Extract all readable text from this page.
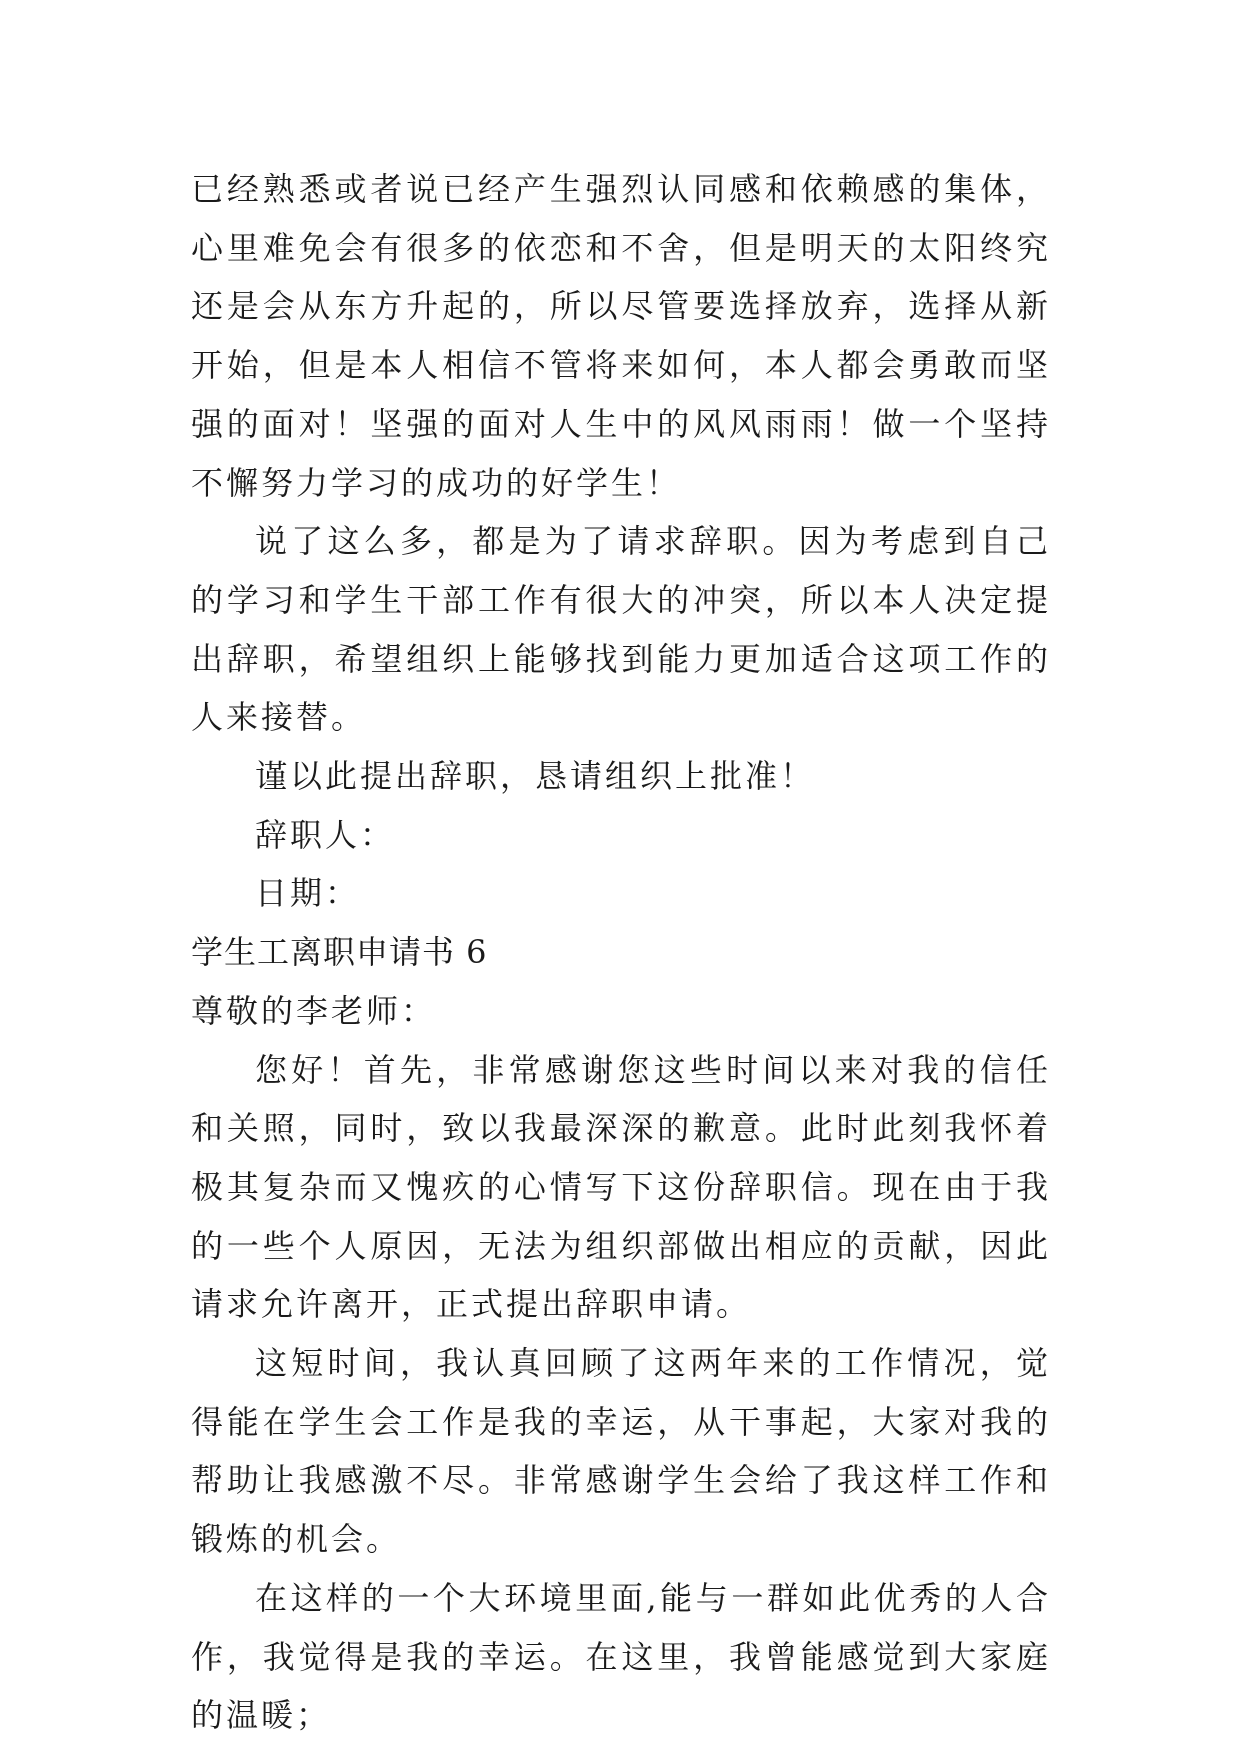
已经熟悉或者说已经产生强烈认同感和依赖感的集体，心里难免会有很多的依恋和不舍，但是明天的太阳终究还是会从东方升起的，所以尽管要选择放弃，选择从新开始，但是本人相信不管将来如何，本人都会勇敢而坚强的面对！坚强的面对人生中的风风雨雨！做一个坚持不懈努力学习的成功的好学生！

说了这么多，都是为了请求辞职。因为考虑到自己的学习和学生干部工作有很大的冲突，所以本人决定提出辞职，希望组织上能够找到能力更加适合这项工作的人来接替。

谨以此提出辞职，恳请组织上批准！

辞职人：

日期：

学生工离职申请书 6

尊敬的李老师：

您好！首先，非常感谢您这些时间以来对我的信任和关照，同时，致以我最深深的歉意。此时此刻我怀着极其复杂而又愧疚的心情写下这份辞职信。现在由于我的一些个人原因，无法为组织部做出相应的贡献，因此请求允许离开，正式提出辞职申请。

这短时间，我认真回顾了这两年来的工作情况，觉得能在学生会工作是我的幸运，从干事起，大家对我的帮助让我感激不尽。非常感谢学生会给了我这样工作和锻炼的机会。

在这样的一个大环境里面,能与一群如此优秀的人合作，我觉得是我的幸运。在这里，我曾能感觉到大家庭的温暖；
